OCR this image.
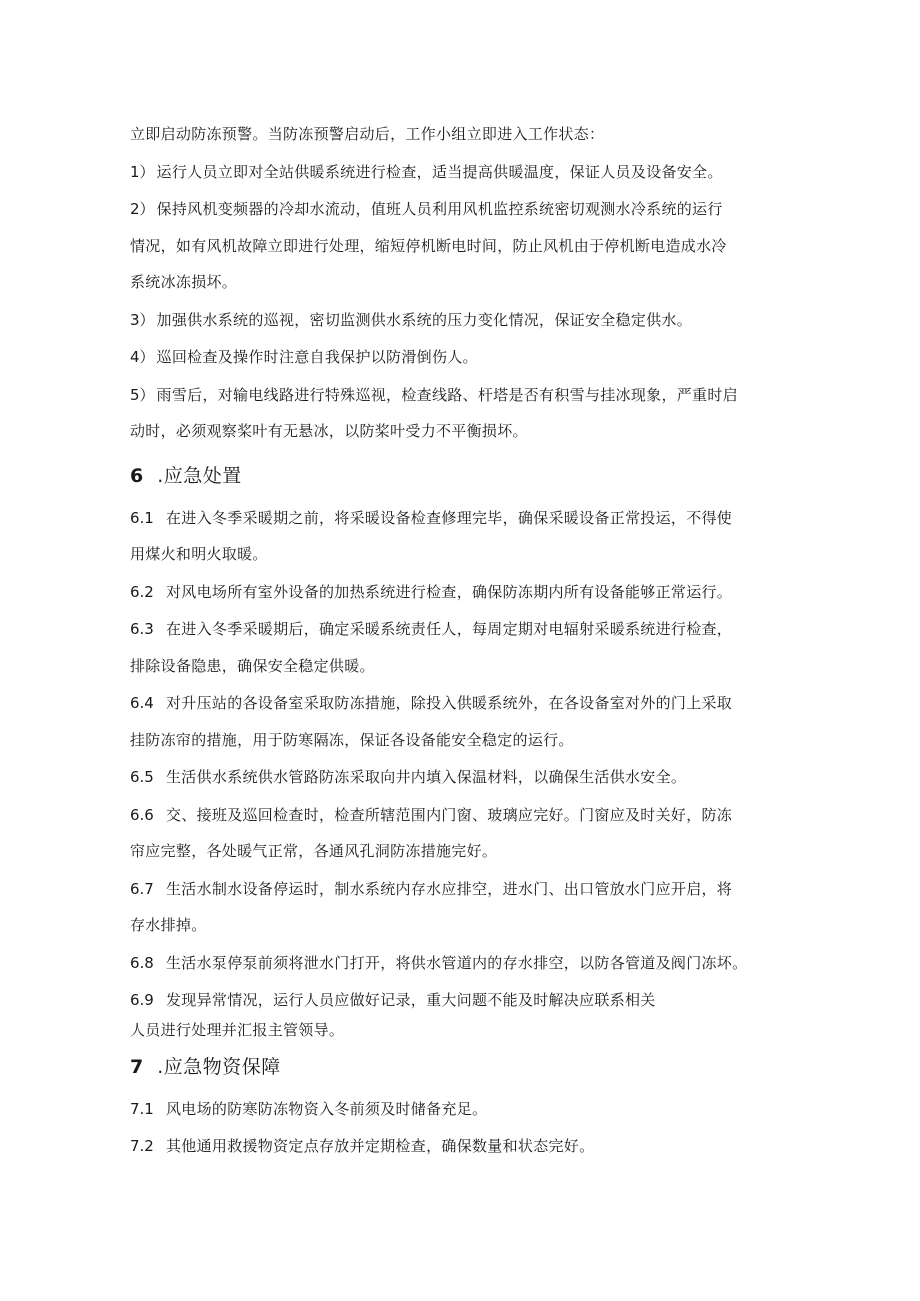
立即启动防冻预警。当防冻预警启动后，工作小组立即进入工作状态：

1） 运行人员立即对全站供暖系统进行检查，适当提高供暖温度，保证人员及设备安全。

2） 保持风机变频器的冷却水流动，值班人员利用风机监控系统密切观测水冷系统的运行

情况，如有风机故障立即进行处理，缩短停机断电时间，防止风机由于停机断电造成水冷

系统冰冻损坏。

3） 加强供水系统的巡视，密切监测供水系统的压力变化情况，保证安全稳定供水。

4） 巡回检查及操作时注意自我保护以防滑倒伤人。

5） 雨雪后，对输电线路进行特殊巡视，检查线路、杆塔是否有积雪与挂冰现象，严重时启

动时，必须观察桨叶有无悬冰，以防桨叶受力不平衡损坏。

6 .应急处置

6.1 在进入冬季采暖期之前，将采暖设备检查修理完毕，确保采暖设备正常投运，不得使

用煤火和明火取暖。

6.2 对风电场所有室外设备的加热系统进行检查，确保防冻期内所有设备能够正常运行。

6.3 在进入冬季采暖期后，确定采暖系统责任人，每周定期对电辐射采暖系统进行检查，

排除设备隐患，确保安全稳定供暖。

6.4 对升压站的各设备室采取防冻措施，除投入供暖系统外，在各设备室对外的门上采取

挂防冻帘的措施，用于防寒隔冻，保证各设备能安全稳定的运行。

6.5 生活供水系统供水管路防冻采取向井内填入保温材料，以确保生活供水安全。

6.6 交、接班及巡回检查时，检查所辖范围内门窗、玻璃应完好。门窗应及时关好，防冻

帘应完整，各处暖气正常，各通风孔洞防冻措施完好。

6.7 生活水制水设备停运时，制水系统内存水应排空，进水门、出口管放水门应开启，将

存水排掉。

6.8 生活水泵停泵前须将泄水门打开，将供水管道内的存水排空，以防各管道及阀门冻坏。

6.9 发现异常情况，运行人员应做好记录，重大问题不能及时解决应联系相关

人员进行处理并汇报主管领导。

7 .应急物资保障

7.1 风电场的防寒防冻物资入冬前须及时储备充足。

7.2 其他通用救援物资定点存放并定期检查，确保数量和状态完好。
